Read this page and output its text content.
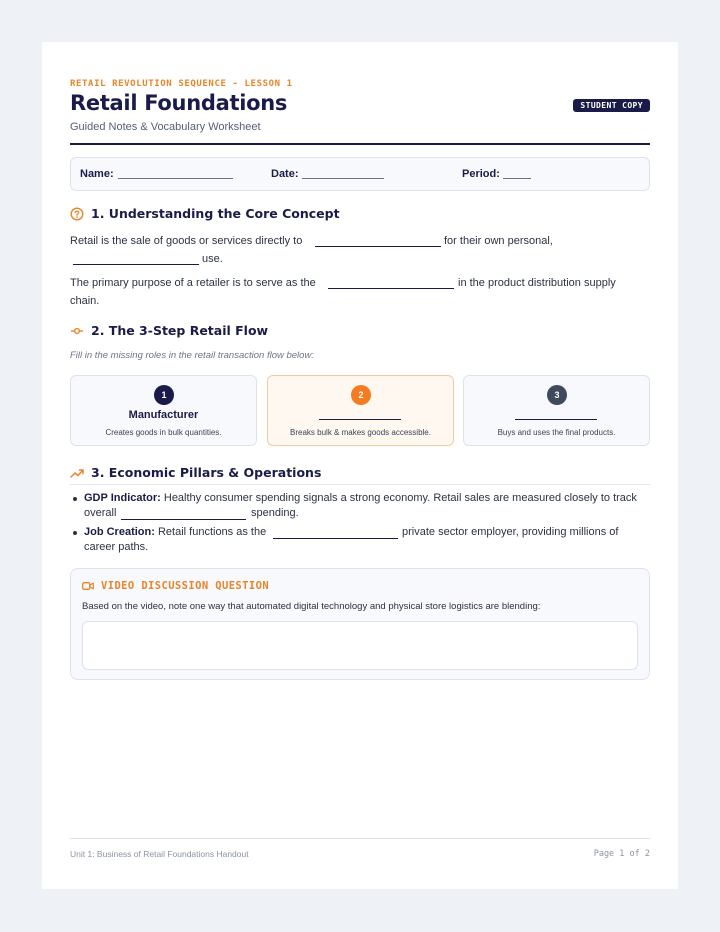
RETAIL REVOLUTION SEQUENCE - LESSON 1
Retail Foundations
Guided Notes & Vocabulary Worksheet
STUDENT COPY
Name:	Date:	Period:
1. Understanding the Core Concept
Retail is the sale of goods or services directly to	for their own personal,
use.
The primary purpose of a retailer is to serve as the	in the product distribution supply
chain.
2. The 3-Step Retail Flow
Fill in the missing roles in the retail transaction flow below:
1
Manufacturer
Creates goods in bulk quantities.
2
Breaks bulk & makes goods accessible.
3
Buys and uses the final products.
3. Economic Pillars & Operations
GDP Indicator: Healthy consumer spending signals a strong economy. Retail sales are measured closely to track
overall	spending.
Job Creation: Retail functions as the	private sector employer, providing millions of
career paths.
VIDEO DISCUSSION QUESTION
Based on the video, note one way that automated digital technology and physical store logistics are blending:
Unit 1: Business of Retail Foundations Handout	Page 1 of 2
